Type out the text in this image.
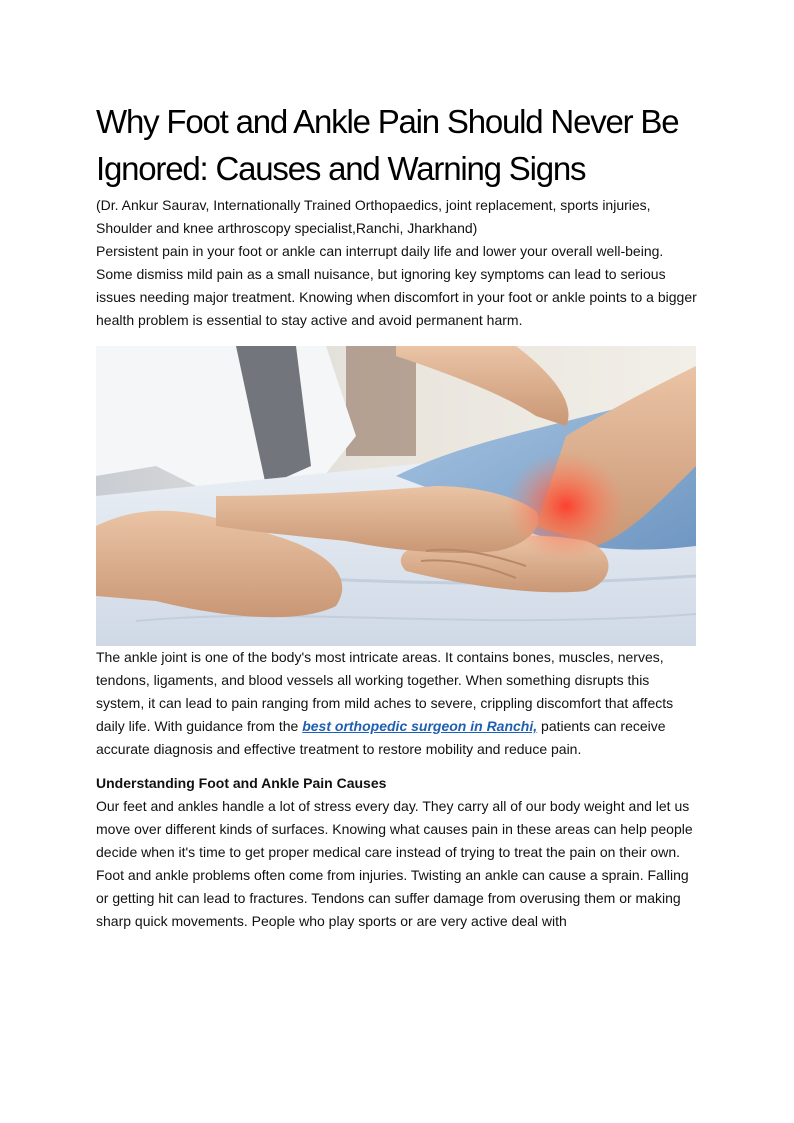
Why Foot and Ankle Pain Should Never Be Ignored: Causes and Warning Signs

(Dr. Ankur Saurav, Internationally Trained Orthopaedics, joint replacement, sports injuries, Shoulder and knee arthroscopy specialist,Ranchi, Jharkhand)

Persistent pain in your foot or ankle can interrupt daily life and lower your overall well-being. Some dismiss mild pain as a small nuisance, but ignoring key symptoms can lead to serious issues needing major treatment. Knowing when discomfort in your foot or ankle points to a bigger health problem is essential to stay active and avoid permanent harm.

The ankle joint is one of the body's most intricate areas. It contains bones, muscles, nerves, tendons, ligaments, and blood vessels all working together. When something disrupts this system, it can lead to pain ranging from mild aches to severe, crippling discomfort that affects daily life. With guidance from the best orthopedic surgeon in Ranchi, patients can receive accurate diagnosis and effective treatment to restore mobility and reduce pain.

Understanding Foot and Ankle Pain Causes

Our feet and ankles handle a lot of stress every day. They carry all of our body weight and let us move over different kinds of surfaces. Knowing what causes pain in these areas can help people decide when it's time to get proper medical care instead of trying to treat the pain on their own.

Foot and ankle problems often come from injuries. Twisting an ankle can cause a sprain. Falling or getting hit can lead to fractures. Tendons can suffer damage from overusing them or making sharp quick movements. People who play sports or are very active deal with
